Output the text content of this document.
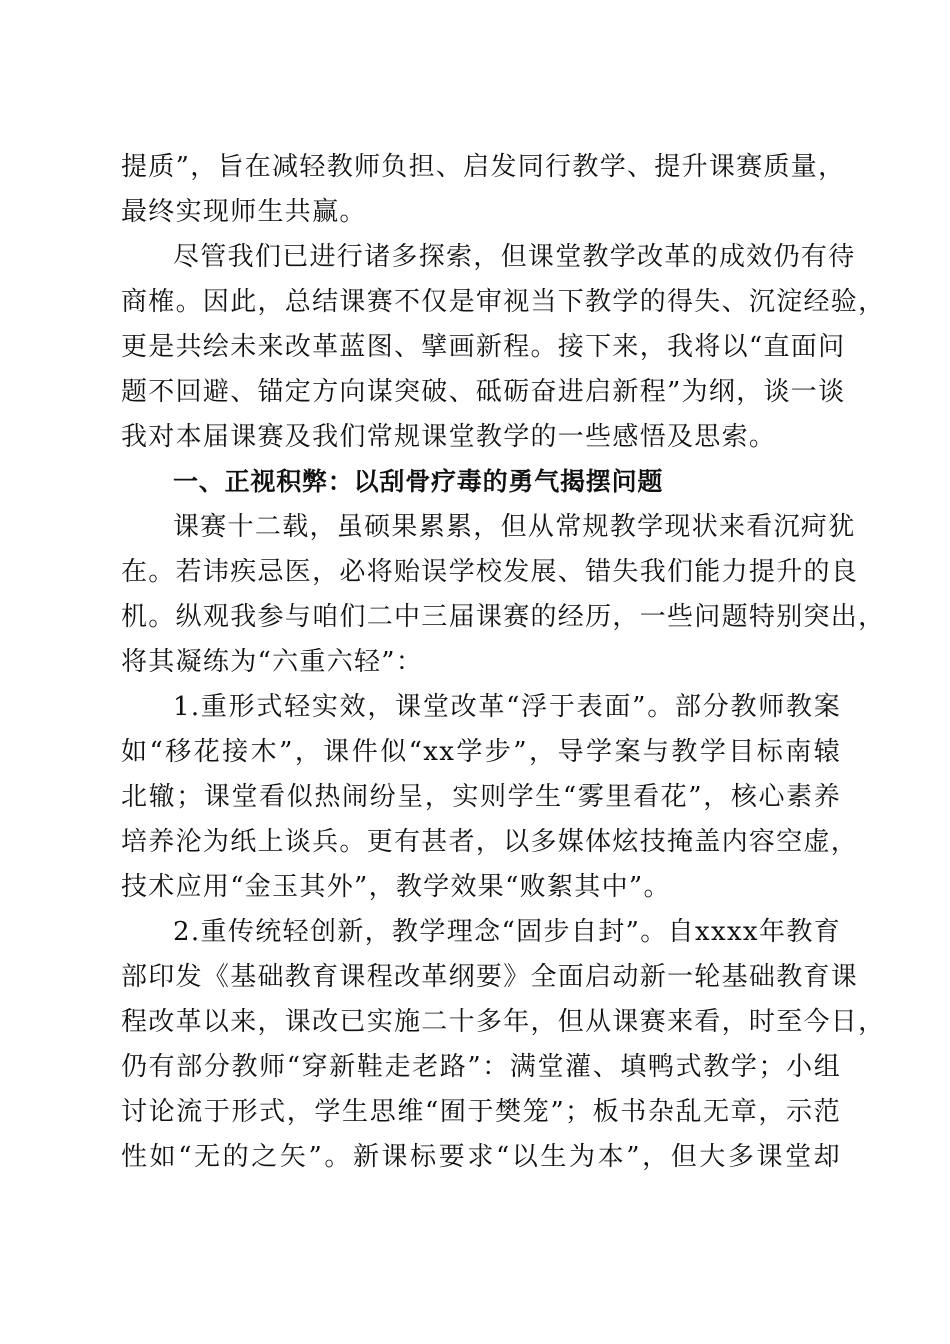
提质”，旨在减轻教师负担、启发同行教学、提升课赛质量，
最终实现师生共赢。
尽管我们已进行诸多探索，但课堂教学改革的成效仍有待
商榷。因此，总结课赛不仅是审视当下教学的得失、沉淀经验，
更是共绘未来改革蓝图、擘画新程。接下来，我将以“直面问
题不回避、锚定方向谋突破、砥砺奋进启新程”为纲，谈一谈
我对本届课赛及我们常规课堂教学的一些感悟及思索。
一、正视积弊：以刮骨疗毒的勇气揭摆问题
课赛十二载，虽硕果累累，但从常规教学现状来看沉疴犹
在。若讳疾忌医，必将贻误学校发展、错失我们能力提升的良
机。纵观我参与咱们二中三届课赛的经历，一些问题特别突出，
将其凝练为“六重六轻”：
1.重形式轻实效，课堂改革“浮于表面”。部分教师教案
如“移花接木”，课件似“xx学步”，导学案与教学目标南辕
北辙；课堂看似热闹纷呈，实则学生“雾里看花”，核心素养
培养沦为纸上谈兵。更有甚者，以多媒体炫技掩盖内容空虚，
技术应用“金玉其外”，教学效果“败絮其中”。
2.重传统轻创新，教学理念“固步自封”。自xxxx年教育
部印发《基础教育课程改革纲要》全面启动新一轮基础教育课
程改革以来，课改已实施二十多年，但从课赛来看，时至今日，
仍有部分教师“穿新鞋走老路”：满堂灌、填鸭式教学；小组
讨论流于形式，学生思维“囿于樊笼”；板书杂乱无章，示范
性如“无的之矢”。新课标要求“以生为本”，但大多课堂却
